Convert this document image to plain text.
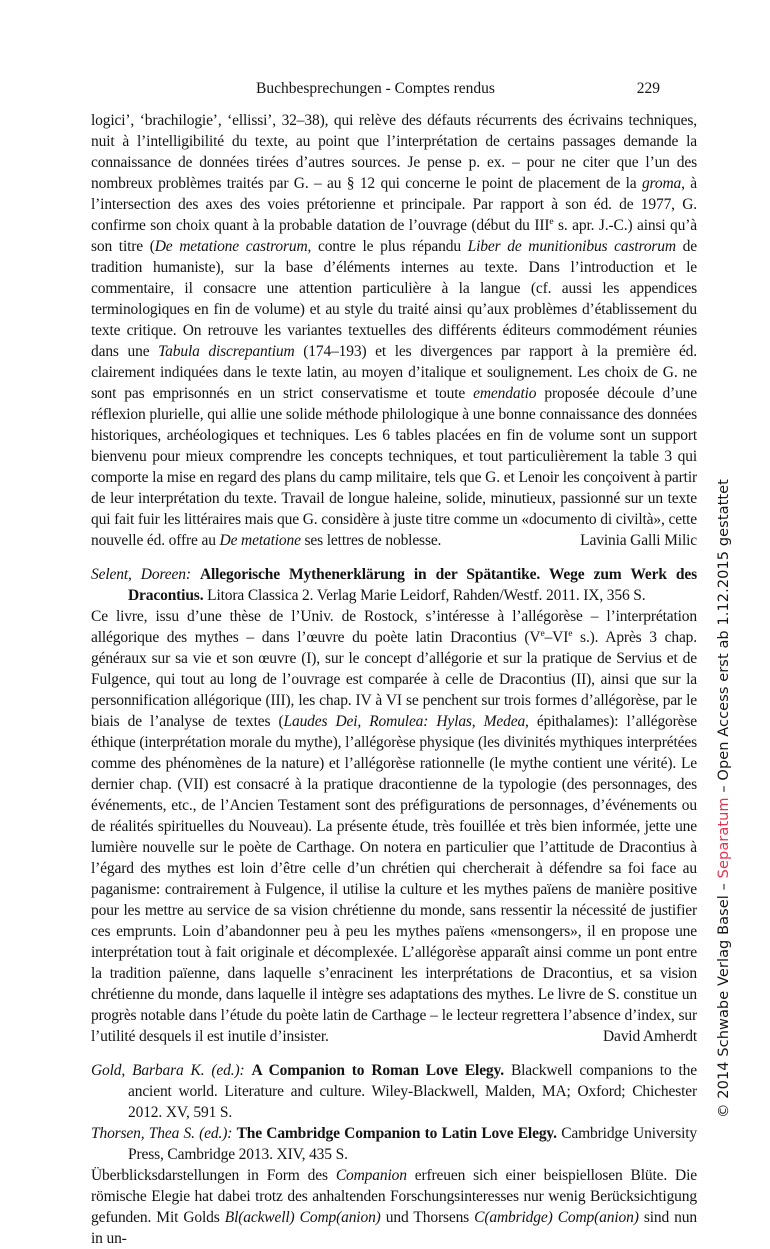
Buchbesprechungen - Comptes rendus	229

logici’, ‘brachilogie’, ‘ellissi’, 32–38), qui relève des défauts récurrents des écrivains techniques, nuit à l’intelligibilité du texte, au point que l’interprétation de certains passages demande la connaissance de données tirées d’autres sources. Je pense p. ex. – pour ne citer que l’un des nombreux problèmes traités par G. – au § 12 qui concerne le point de placement de la groma, à l’intersection des axes des voies prétorienne et principale. Par rapport à son éd. de 1977, G. confirme son choix quant à la probable datation de l’ouvrage (début du IIIe s. apr. J.-C.) ainsi qu’à son titre (De metatione castrorum, contre le plus répandu Liber de munitionibus castrorum de tradition humaniste), sur la base d’éléments internes au texte. Dans l’introduction et le commentaire, il consacre une attention particulière à la langue (cf. aussi les appendices terminologiques en fin de volume) et au style du traité ainsi qu’aux problèmes d’établissement du texte critique. On retrouve les variantes textuelles des différents éditeurs commodément réunies dans une Tabula discrepantium (174–193) et les divergences par rapport à la première éd. clairement indiquées dans le texte latin, au moyen d’italique et soulignement. Les choix de G. ne sont pas emprisonnés en un strict conservatisme et toute emendatio proposée découle d’une réflexion plurielle, qui allie une solide méthode philologique à une bonne connaissance des données historiques, archéologiques et techniques. Les 6 tables placées en fin de volume sont un support bienvenu pour mieux comprendre les concepts techniques, et tout particulièrement la table 3 qui comporte la mise en regard des plans du camp militaire, tels que G. et Lenoir les conçoivent à partir de leur interprétation du texte. Travail de longue haleine, solide, minutieux, passionné sur un texte qui fait fuir les littéraires mais que G. considère à juste titre comme un «documento di civiltà», cette nouvelle éd. offre au De metatione ses lettres de noblesse.	Lavinia Galli Milic

Selent, Doreen: Allegorische Mythenerklärung in der Spätantike. Wege zum Werk des Dracontius. Litora Classica 2. Verlag Marie Leidorf, Rahden/Westf. 2011. IX, 356 S.

Ce livre, issu d’une thèse de l’Univ. de Rostock, s’intéresse à l’allégorèse – l’interprétation allégorique des mythes – dans l’œuvre du poète latin Dracontius (Ve–VIe s.). Après 3 chap. généraux sur sa vie et son œuvre (I), sur le concept d’allégorie et sur la pratique de Servius et de Fulgence, qui tout au long de l’ouvrage est comparée à celle de Dracontius (II), ainsi que sur la personnification allégorique (III), les chap. IV à VI se penchent sur trois formes d’allégorèse, par le biais de l’analyse de textes (Laudes Dei, Romulea: Hylas, Medea, épithalames): l’allégorèse éthique (interprétation morale du mythe), l’allégorèse physique (les divinités mythiques interprétées comme des phénomènes de la nature) et l’allégorèse rationnelle (le mythe contient une vérité). Le dernier chap. (VII) est consacré à la pratique dracontienne de la typologie (des personnages, des événements, etc., de l’Ancien Testament sont des préfigurations de personnages, d’événements ou de réalités spirituelles du Nouveau). La présente étude, très fouillée et très bien informée, jette une lumière nouvelle sur le poète de Carthage. On notera en particulier que l’attitude de Dracontius à l’égard des mythes est loin d’être celle d’un chrétien qui chercherait à défendre sa foi face au paganisme: contrairement à Fulgence, il utilise la culture et les mythes païens de manière positive pour les mettre au service de sa vision chrétienne du monde, sans ressentir la nécessité de justifier ces emprunts. Loin d’abandonner peu à peu les mythes païens «mensongers», il en propose une interprétation tout à fait originale et décomplexée. L’allégorèse apparaît ainsi comme un pont entre la tradition païenne, dans laquelle s’enracinent les interprétations de Dracontius, et sa vision chrétienne du monde, dans laquelle il intègre ses adaptations des mythes. Le livre de S. constitue un progrès notable dans l’étude du poète latin de Carthage – le lecteur regrettera l’absence d’index, sur l’utilité desquels il est inutile d’insister.	David Amherdt

Gold, Barbara K. (ed.): A Companion to Roman Love Elegy. Blackwell companions to the ancient world. Literature and culture. Wiley-Blackwell, Malden, MA; Oxford; Chichester 2012. XV, 591 S.

Thorsen, Thea S. (ed.): The Cambridge Companion to Latin Love Elegy. Cambridge University Press, Cambridge 2013. XIV, 435 S.

Überblicksdarstellungen in Form des Companion erfreuen sich einer beispiellosen Blüte. Die römische Elegie hat dabei trotz des anhaltenden Forschungsinteresses nur wenig Berücksichtigung gefunden. Mit Golds Bl(ackwell) Comp(anion) und Thorsens C(ambridge) Comp(anion) sind nun in un-

© 2014 Schwabe Verlag Basel – Separatum – Open Access erst ab 1.12.2015 gestattet
